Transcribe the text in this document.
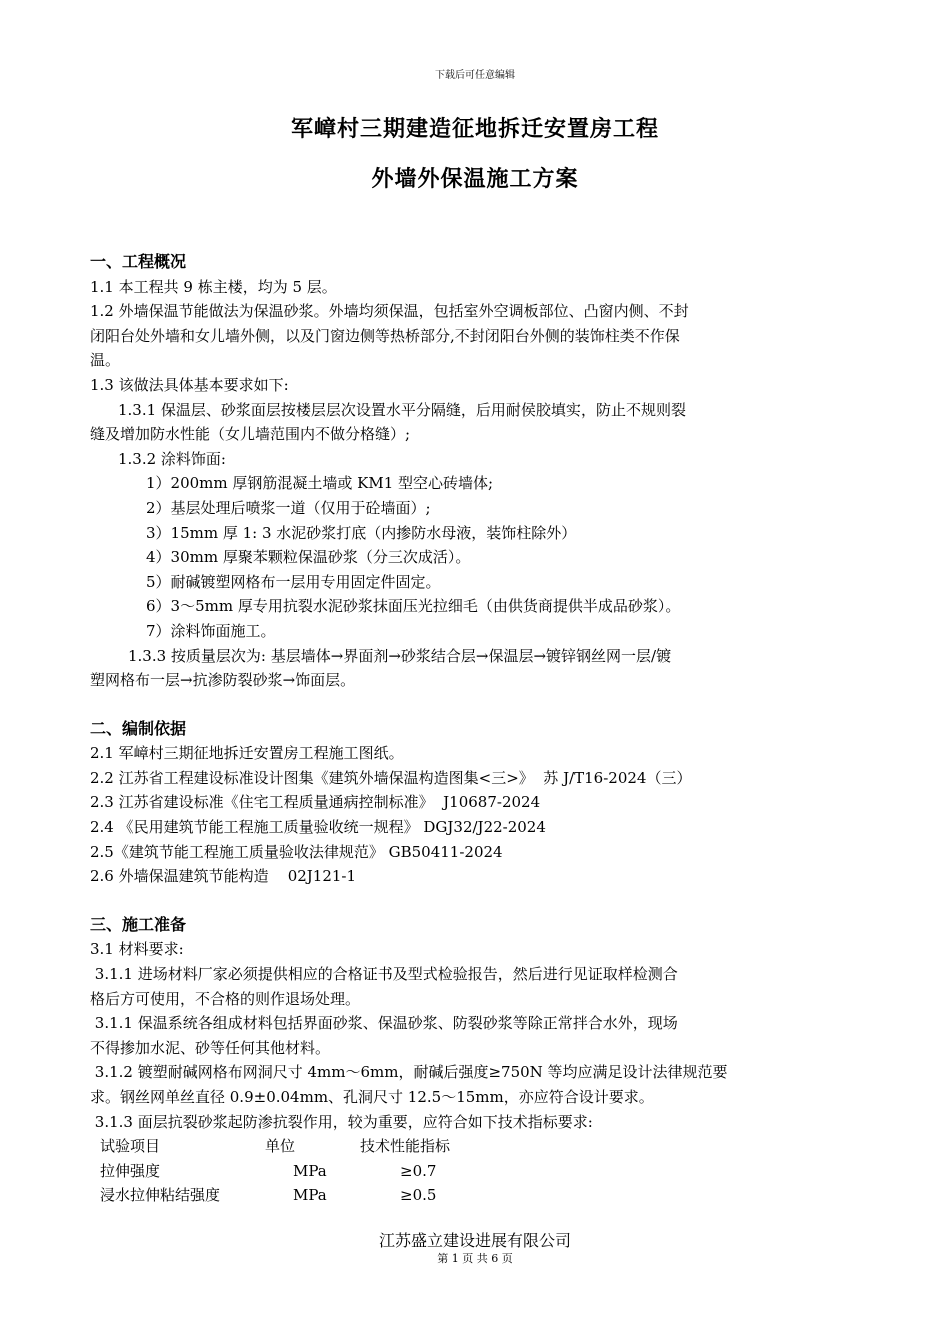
下载后可任意编辑
军嶂村三期建造征地拆迁安置房工程
外墙外保温施工方案

一、工程概况

1.1 本工程共 9 栋主楼，均为 5 层。

1.2 外墙保温节能做法为保温砂浆。外墙均须保温，包括室外空调板部位、凸窗内侧、不封

闭阳台处外墙和女儿墙外侧，以及门窗边侧等热桥部分,不封闭阳台外侧的装饰柱类不作保

温。

1.3 该做法具体基本要求如下:

1.3.1 保温层、砂浆面层按楼层层次设置水平分隔缝，后用耐侯胶填实，防止不规则裂

缝及增加防水性能（女儿墙范围内不做分格缝）;

1.3.2 涂料饰面:

1）200mm 厚钢筋混凝土墙或 KM1 型空心砖墙体;

2）基层处理后喷浆一道（仅用于砼墙面）;

3）15mm 厚 1: 3 水泥砂浆打底（内掺防水母液，装饰柱除外）

4）30mm 厚聚苯颗粒保温砂浆（分三次成活）。

5）耐碱镀塑网格布一层用专用固定件固定。

6）3～5mm 厚专用抗裂水泥砂浆抹面压光拉细毛（由供货商提供半成品砂浆）。

7）涂料饰面施工。

1.3.3 按质量层次为: 基层墙体→界面剂→砂浆结合层→保温层→镀锌钢丝网一层/镀

塑网格布一层→抗渗防裂砂浆→饰面层。

二、编制依据

2.1 军嶂村三期征地拆迁安置房工程施工图纸。

2.2 江苏省工程建设标准设计图集《建筑外墙保温构造图集<三>》  苏 J/T16-2024（三）

2.3 江苏省建设标准《住宅工程质量通病控制标准》  J10687-2024

2.4 《民用建筑节能工程施工质量验收统一规程》 DGJ32/J22-2024

2.5《建筑节能工程施工质量验收法律规范》 GB50411-2024

2.6 外墙保温建筑节能构造    02J121-1

三、施工准备

3.1 材料要求:

3.1.1 进场材料厂家必须提供相应的合格证书及型式检验报告，然后进行见证取样检测合

格后方可使用，不合格的则作退场处理。

3.1.1 保温系统各组成材料包括界面砂浆、保温砂浆、防裂砂浆等除正常拌合水外，现场

不得掺加水泥、砂等任何其他材料。

3.1.2 镀塑耐碱网格布网洞尺寸 4mm～6mm，耐碱后强度≥750N 等均应满足设计法律规范要

求。钢丝网单丝直径 0.9±0.04mm、孔洞尺寸 12.5～15mm，亦应符合设计要求。

3.1.3 面层抗裂砂浆起防渗抗裂作用，较为重要，应符合如下技术指标要求:

试验项目	单位	技术性能指标
拉伸强度	MPa	≥0.7
浸水拉伸粘结强度	MPa	≥0.5
江苏盛立建设进展有限公司
第 1 页 共 6 页
